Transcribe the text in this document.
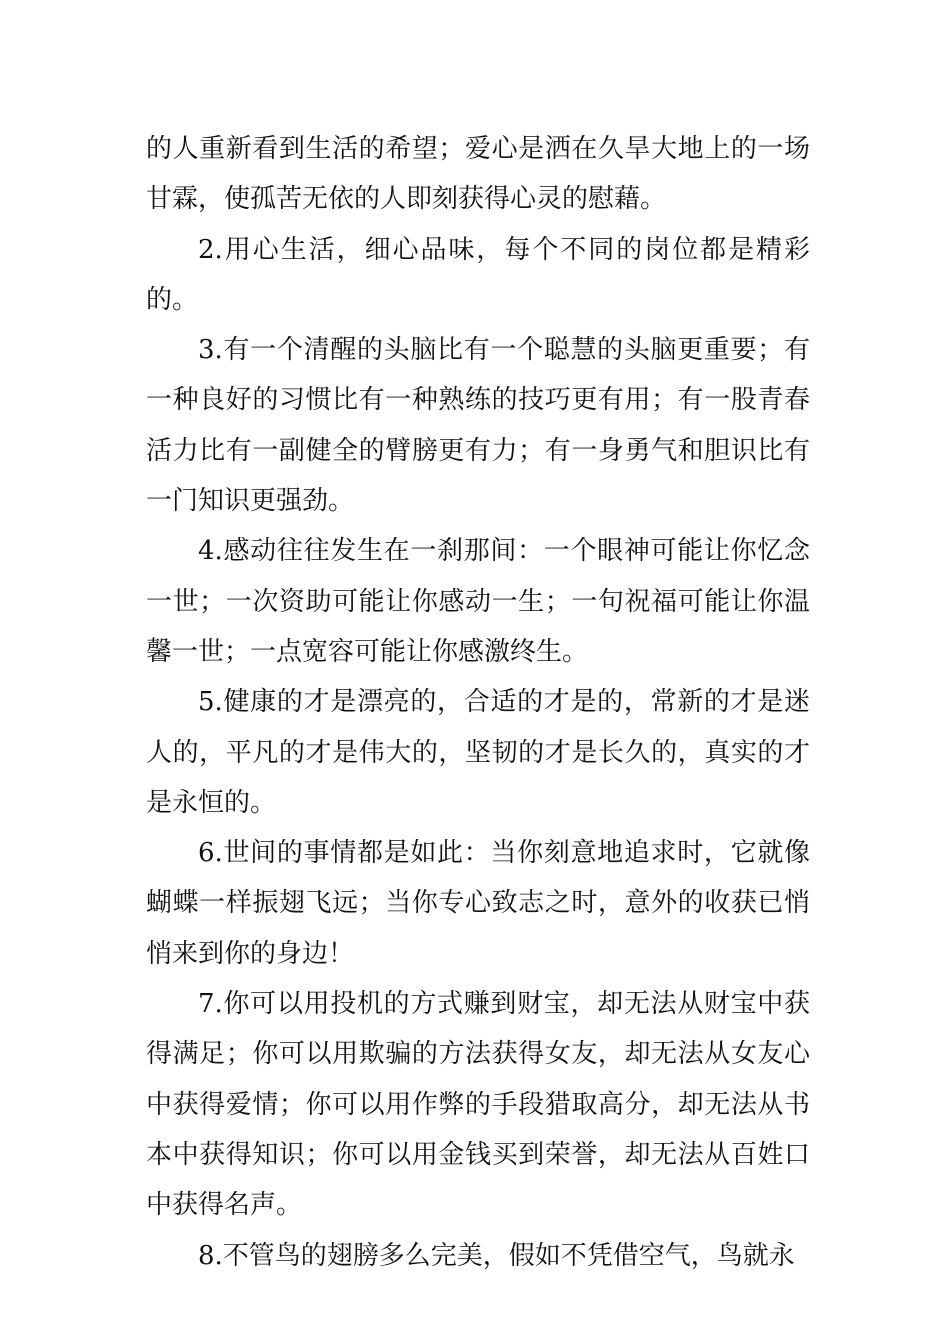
的人重新看到生活的希望；爱心是洒在久旱大地上的一场甘霖，使孤苦无依的人即刻获得心灵的慰藉。

2.用心生活，细心品味，每个不同的岗位都是精彩的。

3.有一个清醒的头脑比有一个聪慧的头脑更重要；有一种良好的习惯比有一种熟练的技巧更有用；有一股青春活力比有一副健全的臂膀更有力；有一身勇气和胆识比有一门知识更强劲。

4.感动往往发生在一刹那间：一个眼神可能让你忆念一世；一次资助可能让你感动一生；一句祝福可能让你温馨一世；一点宽容可能让你感激终生。

5.健康的才是漂亮的，合适的才是的，常新的才是迷人的，平凡的才是伟大的，坚韧的才是长久的，真实的才是永恒的。

6.世间的事情都是如此：当你刻意地追求时，它就像蝴蝶一样振翅飞远；当你专心致志之时，意外的收获已悄悄来到你的身边！

7.你可以用投机的方式赚到财宝，却无法从财宝中获得满足；你可以用欺骗的方法获得女友，却无法从女友心中获得爱情；你可以用作弊的手段猎取高分，却无法从书本中获得知识；你可以用金钱买到荣誉，却无法从百姓口中获得名声。

8.不管鸟的翅膀多么完美，假如不凭借空气，鸟就永
